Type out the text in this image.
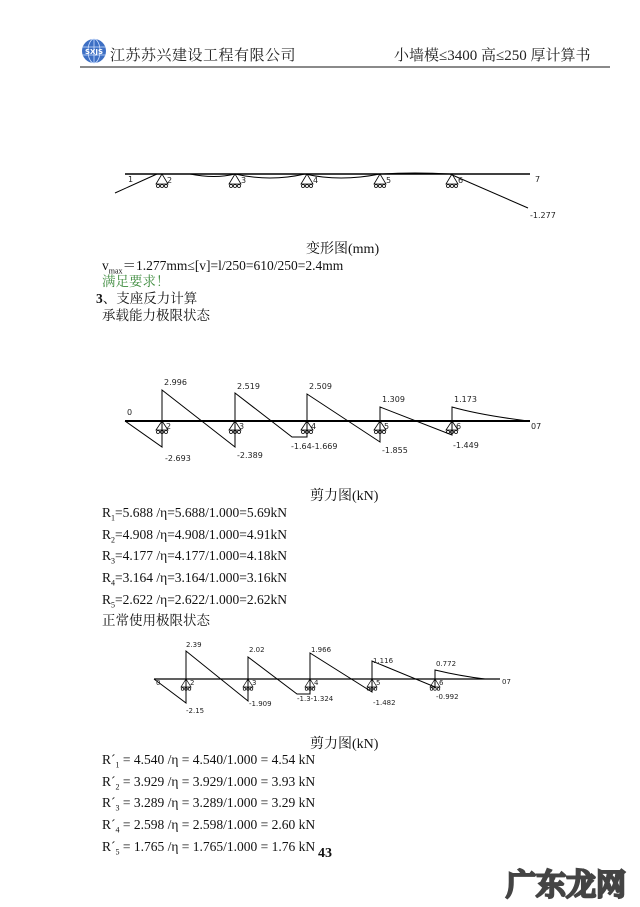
SXJS 江苏苏兴建设工程有限公司	小墙模≤3400 高≤250 厚计算书
1	2	3	4	5	6	7
-1.277
变形图(mm)
$v_{max}=1.277mm\le[v]=l/250=610/250=2.4mm$
满足要求！
3、支座反力计算
承载能力极限状态
0
07
2.996	2.519	2.509
1.309	1.173
-2.693	-2.389
-1.64-1.669	-1.855
-1.449
2	3	4	5	6
剪力图(kN)
$R_1=5.688$ /η=5.688/1.000=5.69kN
$R_2=4.908$ /η=4.908/1.000=4.91kN
$R_3=4.177$ /η=4.177/1.000=4.18kN
$R_4=3.164$ /η=3.164/1.000=3.16kN
$R_5=2.622$ /η=2.622/1.000=2.62kN
正常使用极限状态
0	07
2.39
2.02	1.966
1.116	0.772
-2.15
-1.909
-1.3-1.324	-1.482
-0.992
2	3	4	5	6
剪力图(kN)
$R´_1 = 4.540$ /η = 4.540/1.000 = 4.54 kN
$R´_2 = 3.929$ /η = 3.929/1.000 = 3.93 kN
$R´_3 = 3.289$ /η = 3.289/1.000 = 3.29 kN
$R´_4 = 2.598$ /η = 2.598/1.000 = 2.60 kN
$R´_5 = 1.765$ /η = 1.765/1.000 = 1.76 kN 43
广东龙网
